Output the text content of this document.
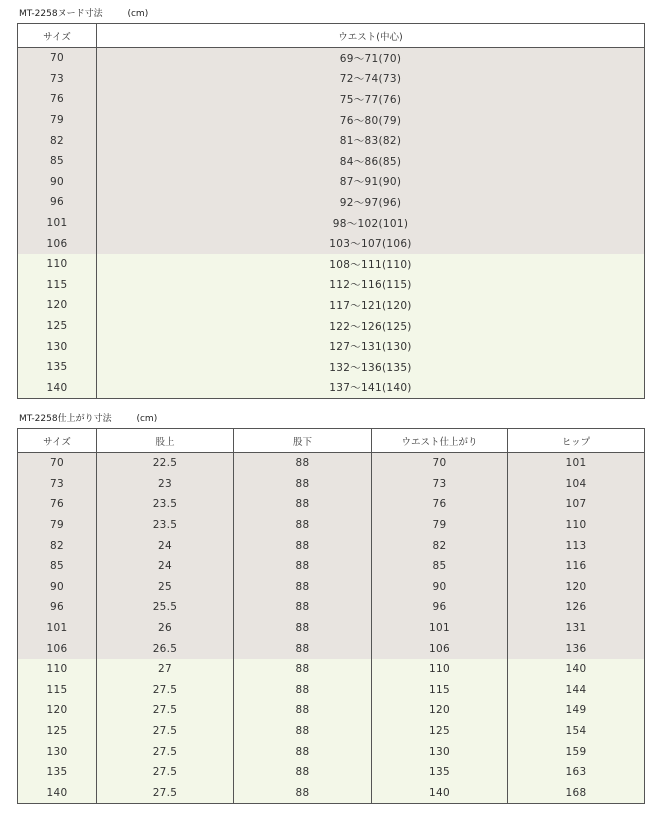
MT-2258ヌード寸法	(cm)
サイズ	ウエスト(中心)
70	69～71(70)
73	72～74(73)
76	75～77(76)
79	76～80(79)
82	81～83(82)
85	84～86(85)
90	87～91(90)
96	92～97(96)
101	98～102(101)
106	103～107(106)
110	108～111(110)
115	112～116(115)
120	117～121(120)
125	122～126(125)
130	127～131(130)
135	132～136(135)
140	137～141(140)
MT-2258仕上がり寸法	(cm)
サイズ	股上	股下	ウエスト仕上がり	ヒップ
70	22.5	88	70	101
73	23	88	73	104
76	23.5	88	76	107
79	23.5	88	79	110
82	24	88	82	113
85	24	88	85	116
90	25	88	90	120
96	25.5	88	96	126
101	26	88	101	131
106	26.5	88	106	136
110	27	88	110	140
115	27.5	88	115	144
120	27.5	88	120	149
125	27.5	88	125	154
130	27.5	88	130	159
135	27.5	88	135	163
140	27.5	88	140	168
